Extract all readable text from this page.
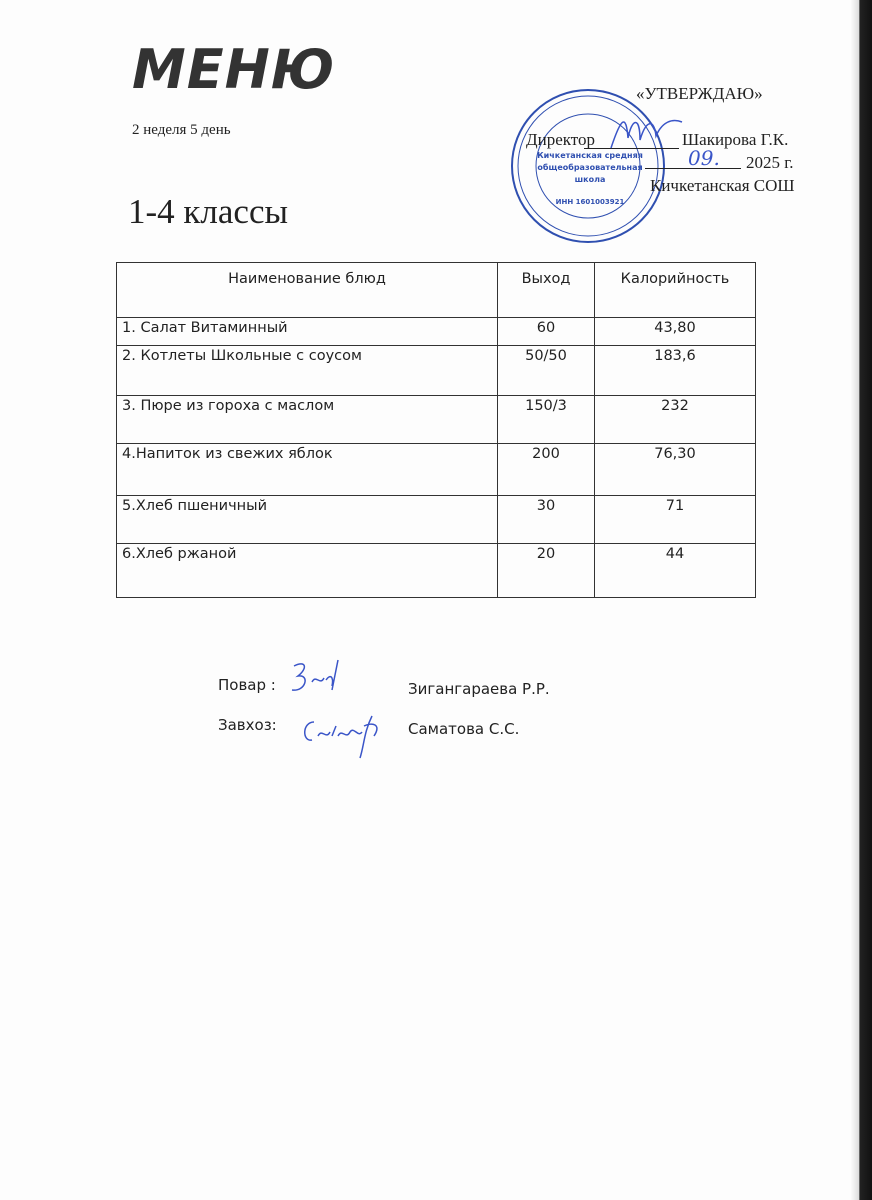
МЕНЮ
2 неделя 5 день
1-4 классы
Кичкетанская средняя
общеобразовательная
школа
ИНН 1601003921
«УТВЕРЖДАЮ»
Директор	Шакирова Г.К.
09. 2025 г.
Кичкетанская СОШ
Наименование блюд	Выход	Калорийность
1. Салат Витаминный	60	43,80
2. Котлеты Школьные с соусом	50/50	183,6
3. Пюре из гороха с маслом	150/3	232
4.Напиток из свежих яблок	200	76,30
5.Хлеб пшеничный	30	71
6.Хлеб ржаной	20	44
Повар :	Зигангараева Р.Р.
Завхоз:	Саматова С.С.
